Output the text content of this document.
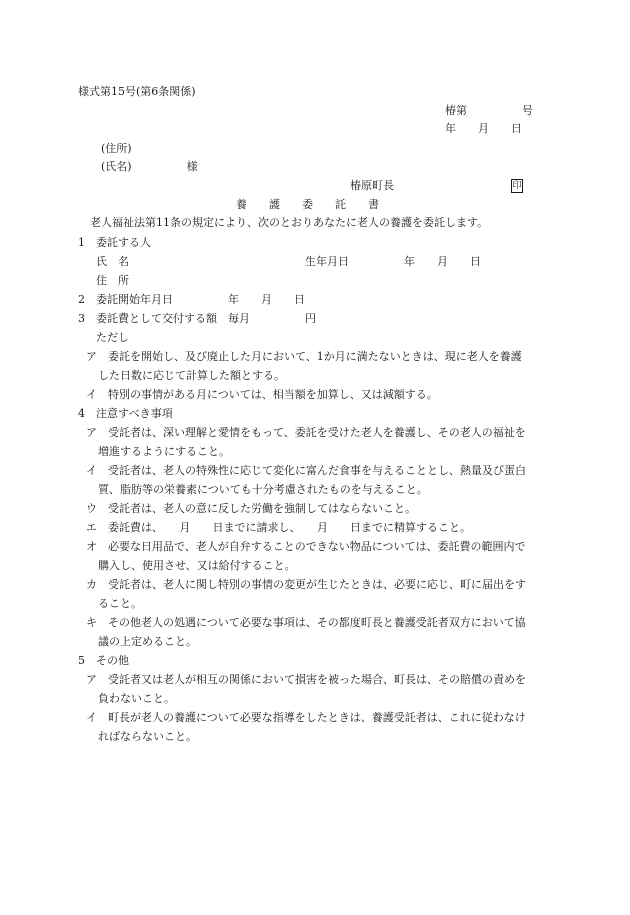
様式第15号(第6条関係)
椿第　　　　　号
年　　月　　日
(住所)
(氏名)　　　　　様
椿原町長	印
養　　護　　委　　託　　書
老人福祉法第11条の規定により、次のとおりあなたに老人の養護を委託します。
1　委託する人
氏　名　　　　　　　　　　　　　　　　生年月日　　　　　年　　月　　日
住　所
2　委託開始年月日　　　　　年　　月　　日
3　委託費として交付する額　毎月　　　　　円
ただし
ア　委託を開始し、及び廃止した月において、1か月に満たないときは、現に老人を養護
した日数に応じて計算した額とする。
イ　特別の事情がある月については、相当額を加算し、又は減額する。
4　注意すべき事項
ア　受託者は、深い理解と愛情をもって、委託を受けた老人を養護し、その老人の福祉を
増進するようにすること。
イ　受託者は、老人の特殊性に応じて変化に富んだ食事を与えることとし、熱量及び蛋白
質、脂肪等の栄養素についても十分考慮されたものを与えること。
ウ　受託者は、老人の意に反した労働を強制してはならないこと。
エ　委託費は、　　月　　日までに請求し、　　月　　日までに精算すること。
オ　必要な日用品で、老人が自弁することのできない物品については、委託費の範囲内で
購入し、使用させ、又は給付すること。
カ　受託者は、老人に関し特別の事情の変更が生じたときは、必要に応じ、町に届出をす
ること。
キ　その他老人の処遇について必要な事項は、その都度町長と養護受託者双方において協
議の上定めること。
5　その他
ア　受託者又は老人が相互の関係において損害を被った場合、町長は、その賠償の責めを
負わないこと。
イ　町長が老人の養護について必要な指導をしたときは、養護受託者は、これに従わなけ
ればならないこと。
